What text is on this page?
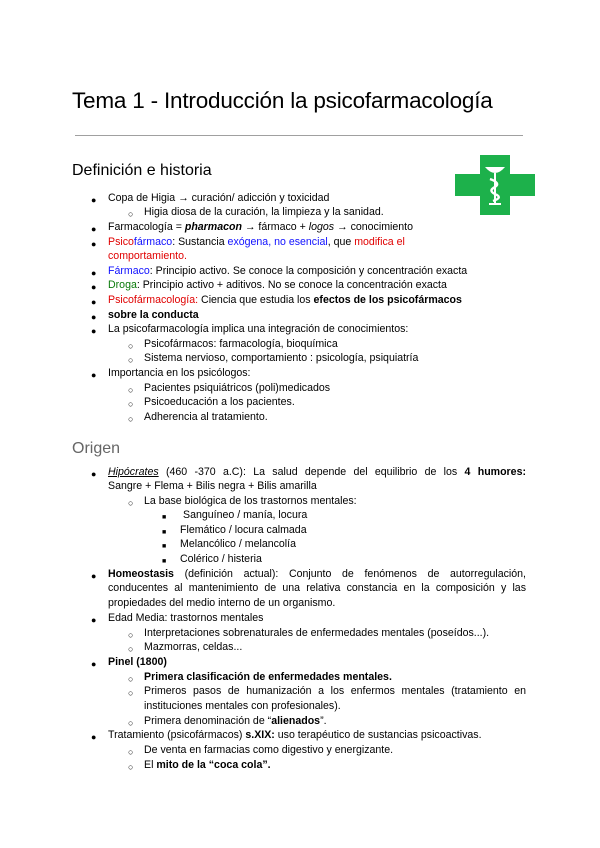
Tema 1 - Introducción la psicofarmacología
Definición e historia
● Copa de Higia → curación/ adicción y toxicidad
○ Higia diosa de la curación, la limpieza y la sanidad.
● Farmacología = pharmacon → fármaco + logos → conocimiento
● Psicofármaco: Sustancia exógena, no esencial, que modifica el
comportamiento.
● Fármaco: Principio activo. Se conoce la composición y concentración exacta
● Droga: Principio activo + aditivos. No se conoce la concentración exacta
● Psicofármacología: Ciencia que estudia los efectos de los psicofármacos
● sobre la conducta
● La psicofarmacología implica una integración de conocimientos:
○ Psicofármacos: farmacología, bioquímica
○ Sistema nervioso, comportamiento : psicología, psiquiatría
● Importancia en los psicólogos:
○ Pacientes psiquiátricos (poli)medicados
○ Psicoeducación a los pacientes.
○ Adherencia al tratamiento.
Origen
● Hipócrates (460 -370 a.C): La salud depende del equilibrio de los 4 humores:
Sangre + Flema + Bilis negra + Bilis amarilla
○ La base biológica de los trastornos mentales:
■ Sanguíneo / manía, locura
■ Flemático / locura calmada
■ Melancólico / melancolía
■ Colérico / histeria
● Homeostasis (definición actual): Conjunto de fenómenos de autorregulación,
conducentes al mantenimiento de una relativa constancia en la composición y las
propiedades del medio interno de un organismo.
● Edad Media: trastornos mentales
○ Interpretaciones sobrenaturales de enfermedades mentales (poseídos...).
○ Mazmorras, celdas...
● Pinel (1800)
○ Primera clasificación de enfermedades mentales.
○ Primeros pasos de humanización a los enfermos mentales (tratamiento en
instituciones mentales con profesionales).
○ Primera denominación de “alienados”.
● Tratamiento (psicofármacos) s.XIX: uso terapéutico de sustancias psicoactivas.
○ De venta en farmacias como digestivo y energizante.
○ El mito de la “coca cola”.
